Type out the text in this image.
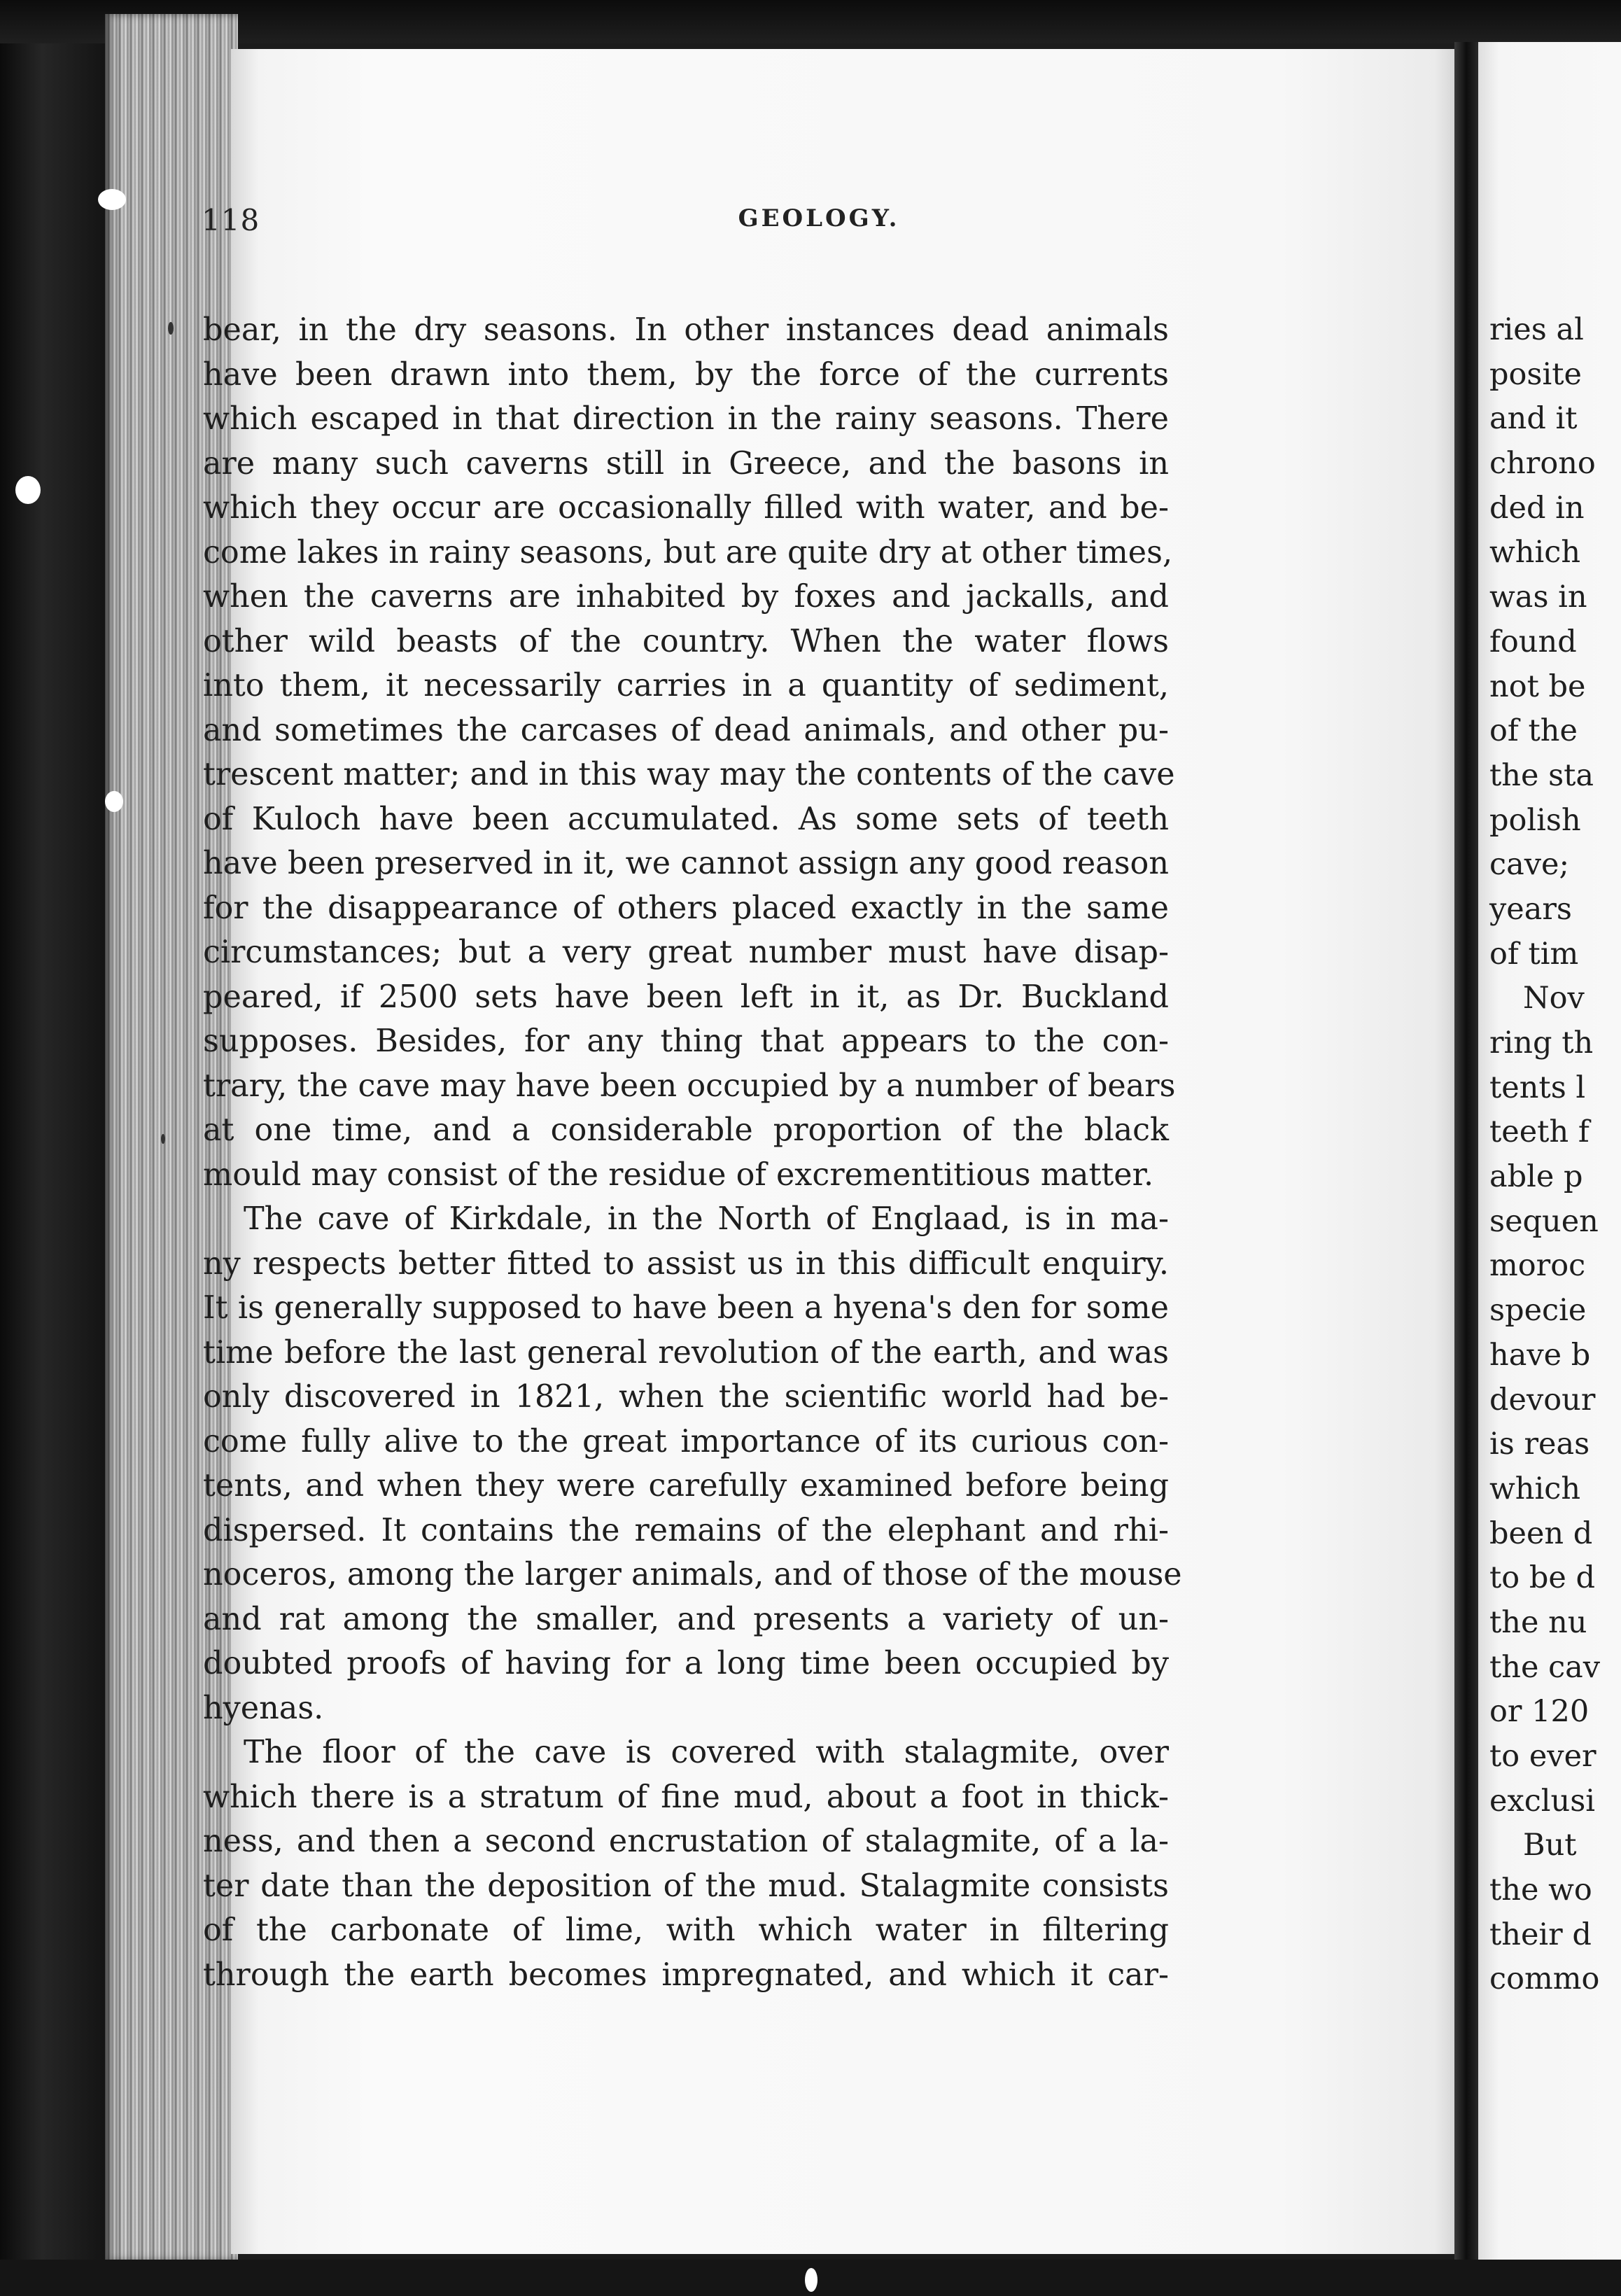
118	GEOLOGY.
bear, in the dry seasons. In other instances dead animals
have been drawn into them, by the force of the currents
which escaped in that direction in the rainy seasons. There
are many such caverns still in Greece, and the basons in
which they occur are occasionally filled with water, and be-
come lakes in rainy seasons, but are quite dry at other times,
when the caverns are inhabited by foxes and jackalls, and
other wild beasts of the country. When the water flows
into them, it necessarily carries in a quantity of sediment,
and sometimes the carcases of dead animals, and other pu-
trescent matter; and in this way may the contents of the cave
of Kuloch have been accumulated. As some sets of teeth
have been preserved in it, we cannot assign any good reason
for the disappearance of others placed exactly in the same
circumstances; but a very great number must have disap-
peared, if 2500 sets have been left in it, as Dr. Buckland
supposes. Besides, for any thing that appears to the con-
trary, the cave may have been occupied by a number of bears
at one time, and a considerable proportion of the black
mould may consist of the residue of excrementitious matter.
The cave of Kirkdale, in the North of Englaad, is in ma-
ny respects better fitted to assist us in this difficult enquiry.
It is generally supposed to have been a hyena's den for some
time before the last general revolution of the earth, and was
only discovered in 1821, when the scientific world had be-
come fully alive to the great importance of its curious con-
tents, and when they were carefully examined before being
dispersed. It contains the remains of the elephant and rhi-
noceros, among the larger animals, and of those of the mouse
and rat among the smaller, and presents a variety of un-
doubted proofs of having for a long time been occupied by
hyenas.
The floor of the cave is covered with stalagmite, over
which there is a stratum of fine mud, about a foot in thick-
ness, and then a second encrustation of stalagmite, of a la-
ter date than the deposition of the mud. Stalagmite consists
of the carbonate of lime, with which water in filtering
through the earth becomes impregnated, and which it car-
ries al
posite
and it
chrono
ded in
which
was in
found
not be
of the
the sta
polish
cave;
years
of tim
Nov
ring th
tents l
teeth f
able p
sequen
moroc
specie
have b
devour
is reas
which
been d
to be d
the nu
the cav
or 120
to ever
exclusi
But
the wo
their d
commo
